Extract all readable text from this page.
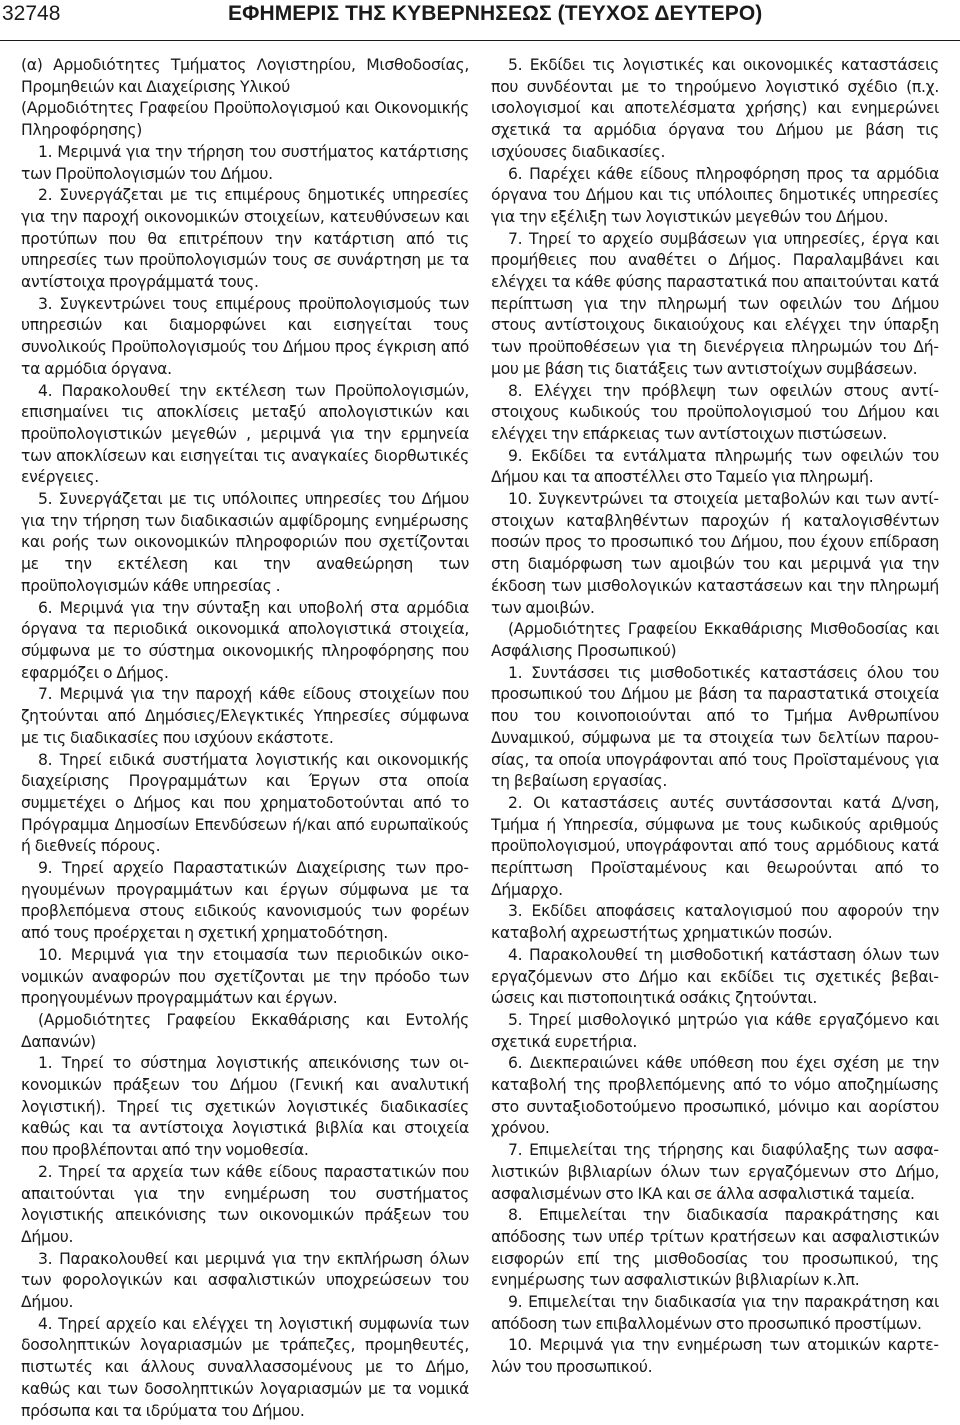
32748	ΕΦΗΜΕΡΙΣ ΤΗΣ ΚΥΒΕΡΝΗΣΕΩΣ (ΤΕΥΧΟΣ ΔΕΥΤΕΡΟ)

(α) Αρμοδιότητες Τμήματος Λογιστηρίου, Μισθοδοσίας, Προμηθειών και Διαχείρισης Υλικού

(Αρμοδιότητες Γραφείου Προϋπολογισμού και Οικονομικής Πληροφόρησης)

1. Μεριμνά για την τήρηση του συστήματος κατάρτισης των Προϋπολογισμών του Δήμου.

2. Συνεργάζεται με τις επιμέρους δημοτικές υπηρεσίες για την παροχή οικονομικών στοιχείων, κατευθύνσεων και προτύπων που θα επιτρέπουν την κατάρτιση από τις υπηρεσίες των προϋπολογισμών τους σε συνάρτηση με τα αντίστοιχα προγράμματά τους.

3. Συγκεντρώνει τους επιμέρους προϋπολογισμούς των υπηρεσιών και διαμορφώνει και εισηγείται τους συνολικούς Προϋπολογισμούς του Δήμου προς έγκριση από τα αρμόδια όργανα.

4. Παρακολουθεί την εκτέλεση των Προϋπολογισμών, επισημαίνει τις αποκλίσεις μεταξύ απολογιστικών και προϋπολογιστικών μεγεθών , μεριμνά για την ερμηνεία των αποκλίσεων και εισηγείται τις αναγκαίες διορθωτικές ενέργειες.

5. Συνεργάζεται με τις υπόλοιπες υπηρεσίες του Δήμου για την τήρηση των διαδικασιών αμφίδρομης ενημέρωσης και ροής των οικονομικών πληροφοριών που σχετίζονται με την εκτέλεση και την αναθεώρηση των προϋπολογισμών κάθε υπηρεσίας .

6. Μεριμνά για την σύνταξη και υποβολή στα αρμόδια όργανα τα περιοδικά οικονομικά απολογιστικά στοιχεία, σύμφωνα με το σύστημα οικονομικής πληροφόρησης που εφαρμόζει ο Δήμος.

7. Μεριμνά για την παροχή κάθε είδους στοιχείων που ζητούνται από Δημόσιες/Ελεγκτικές Υπηρεσίες σύμφωνα με τις διαδικασίες που ισχύουν εκάστοτε.

8. Τηρεί ειδικά συστήματα λογιστικής και οικονομικής διαχείρισης Προγραμμάτων και Έργων στα οποία συμμετέχει ο Δήμος και που χρηματοδοτούνται από το Πρόγραμμα Δημοσίων Επενδύσεων ή/και από ευρωπαϊκούς ή διεθνείς πόρους.

9. Τηρεί αρχείο Παραστατικών Διαχείρισης των προηγουμένων προγραμμάτων και έργων σύμφωνα με τα προβλεπόμενα στους ειδικούς κανονισμούς των φορέων από τους προέρχεται η σχετική χρηματοδότηση.

10. Μεριμνά για την ετοιμασία των περιοδικών οικονομικών αναφορών που σχετίζονται με την πρόοδο των προηγουμένων προγραμμάτων και έργων.

(Αρμοδιότητες Γραφείου Εκκαθάρισης και Εντολής Δαπανών)

1. Τηρεί το σύστημα λογιστικής απεικόνισης των οικονομικών πράξεων του Δήμου (Γενική και αναλυτική λογιστική). Τηρεί τις σχετικών λογιστικές διαδικασίες καθώς και τα αντίστοιχα λογιστικά βιβλία και στοιχεία που προβλέπονται από την νομοθεσία.

2. Τηρεί τα αρχεία των κάθε είδους παραστατικών που απαιτούνται για την ενημέρωση του συστήματος λογιστικής απεικόνισης των οικονομικών πράξεων του Δήμου.

3. Παρακολουθεί και μεριμνά για την εκπλήρωση όλων των φορολογικών και ασφαλιστικών υποχρεώσεων του Δήμου.

4. Τηρεί αρχείο και ελέγχει τη λογιστική συμφωνία των δοσοληπτικών λογαριασμών με τράπεζες, προμηθευτές, πιστωτές και άλλους συναλλασσομένους με το Δήμο, καθώς και των δοσοληπτικών λογαριασμών με τα νομικά πρόσωπα και τα ιδρύματα του Δήμου.

5. Εκδίδει τις λογιστικές και οικονομικές καταστάσεις που συνδέονται με το τηρούμενο λογιστικό σχέδιο (π.χ. ισολογισμοί και αποτελέσματα χρήσης) και ενημερώνει σχετικά τα αρμόδια όργανα του Δήμου με βάση τις ισχύουσες διαδικασίες.

6. Παρέχει κάθε είδους πληροφόρηση προς τα αρμόδια όργανα του Δήμου και τις υπόλοιπες δημοτικές υπηρεσίες για την εξέλιξη των λογιστικών μεγεθών του Δήμου.

7. Τηρεί το αρχείο συμβάσεων για υπηρεσίες, έργα και προμήθειες που αναθέτει ο Δήμος. Παραλαμβάνει και ελέγχει τα κάθε φύσης παραστατικά που απαιτούνται κατά περίπτωση για την πληρωμή των οφειλών του Δήμου στους αντίστοιχους δικαιούχους και ελέγχει την ύπαρξη των προϋποθέσεων για τη διενέργεια πληρωμών του Δήμου με βάση τις διατάξεις των αντιστοίχων συμβάσεων.

8. Ελέγχει την πρόβλεψη των οφειλών στους αντίστοιχους κωδικούς του προϋπολογισμού του Δήμου και ελέγχει την επάρκειας των αντίστοιχων πιστώσεων.

9. Εκδίδει τα εντάλματα πληρωμής των οφειλών του Δήμου και τα αποστέλλει στο Ταμείο για πληρωμή.

10. Συγκεντρώνει τα στοιχεία μεταβολών και των αντίστοιχων καταβληθέντων παροχών ή καταλογισθέντων ποσών προς το προσωπικό του Δήμου, που έχουν επίδραση στη διαμόρφωση των αμοιβών του και μεριμνά για την έκδοση των μισθολογικών καταστάσεων και την πληρωμή των αμοιβών.

(Αρμοδιότητες Γραφείου Εκκαθάρισης Μισθοδοσίας και Ασφάλισης Προσωπικού)

1. Συντάσσει τις μισθοδοτικές καταστάσεις όλου του προσωπικού του Δήμου με βάση τα παραστατικά στοιχεία που του κοινοποιούνται από το Τμήμα Ανθρωπίνου Δυναμικού, σύμφωνα με τα στοιχεία των δελτίων παρουσίας, τα οποία υπογράφονται από τους Προϊσταμένους για τη βεβαίωση εργασίας.

2. Οι καταστάσεις αυτές συντάσσονται κατά Δ/νση, Τμήμα ή Υπηρεσία, σύμφωνα με τους κωδικούς αριθμούς προϋπολογισμού, υπογράφονται από τους αρμόδιους κατά περίπτωση Προϊσταμένους και θεωρούνται από το Δήμαρχο.

3. Εκδίδει αποφάσεις καταλογισμού που αφορούν την καταβολή αχρεωστήτως χρηματικών ποσών.

4. Παρακολουθεί τη μισθοδοτική κατάσταση όλων των εργαζόμενων στο Δήμο και εκδίδει τις σχετικές βεβαιώσεις και πιστοποιητικά οσάκις ζητούνται.

5. Τηρεί μισθολογικό μητρώο για κάθε εργαζόμενο και σχετικά ευρετήρια.

6. Διεκπεραιώνει κάθε υπόθεση που έχει σχέση με την καταβολή της προβλεπόμενης από το νόμο αποζημίωσης στο συνταξιοδοτούμενο προσωπικό, μόνιμο και αορίστου χρόνου.

7. Επιμελείται της τήρησης και διαφύλαξης των ασφαλιστικών βιβλιαρίων όλων των εργαζόμενων στο Δήμο, ασφαλισμένων στο ΙΚΑ και σε άλλα ασφαλιστικά ταμεία.

8. Επιμελείται την διαδικασία παρακράτησης και απόδοσης των υπέρ τρίτων κρατήσεων και ασφαλιστικών εισφορών επί της μισθοδοσίας του προσωπικού, της ενημέρωσης των ασφαλιστικών βιβλιαρίων κ.λπ.

9. Επιμελείται την διαδικασία για την παρακράτηση και απόδοση των επιβαλλομένων στο προσωπικό προστίμων.

10. Μεριμνά για την ενημέρωση των ατομικών καρτελών του προσωπικού.
